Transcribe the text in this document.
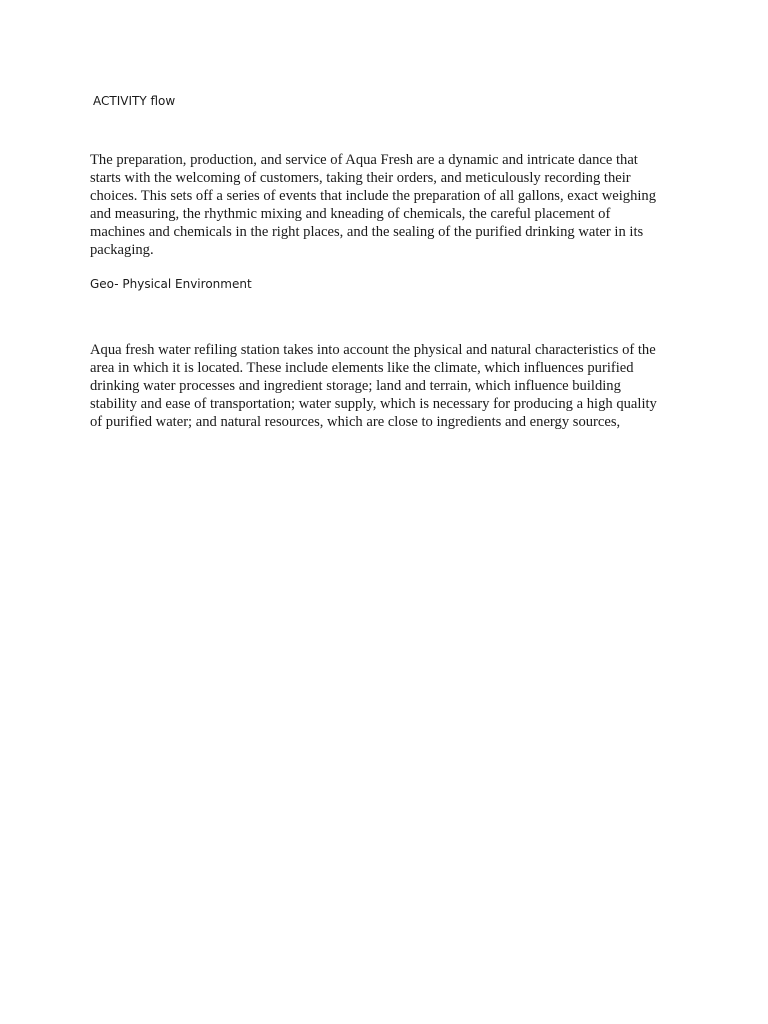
ACTIVITY flow

The preparation, production, and service of Aqua Fresh are a dynamic and intricate dance that
starts with the welcoming of customers, taking their orders, and meticulously recording their
choices. This sets off a series of events that include the preparation of all gallons, exact weighing
and measuring, the rhythmic mixing and kneading of chemicals, the careful placement of
machines and chemicals in the right places, and the sealing of the purified drinking water in its
packaging.

Geo- Physical Environment

Aqua fresh water refiling station takes into account the physical and natural characteristics of the
area in which it is located. These include elements like the climate, which influences purified
drinking water processes and ingredient storage; land and terrain, which influence building
stability and ease of transportation; water supply, which is necessary for producing a high quality
of purified water; and natural resources, which are close to ingredients and energy sources,
